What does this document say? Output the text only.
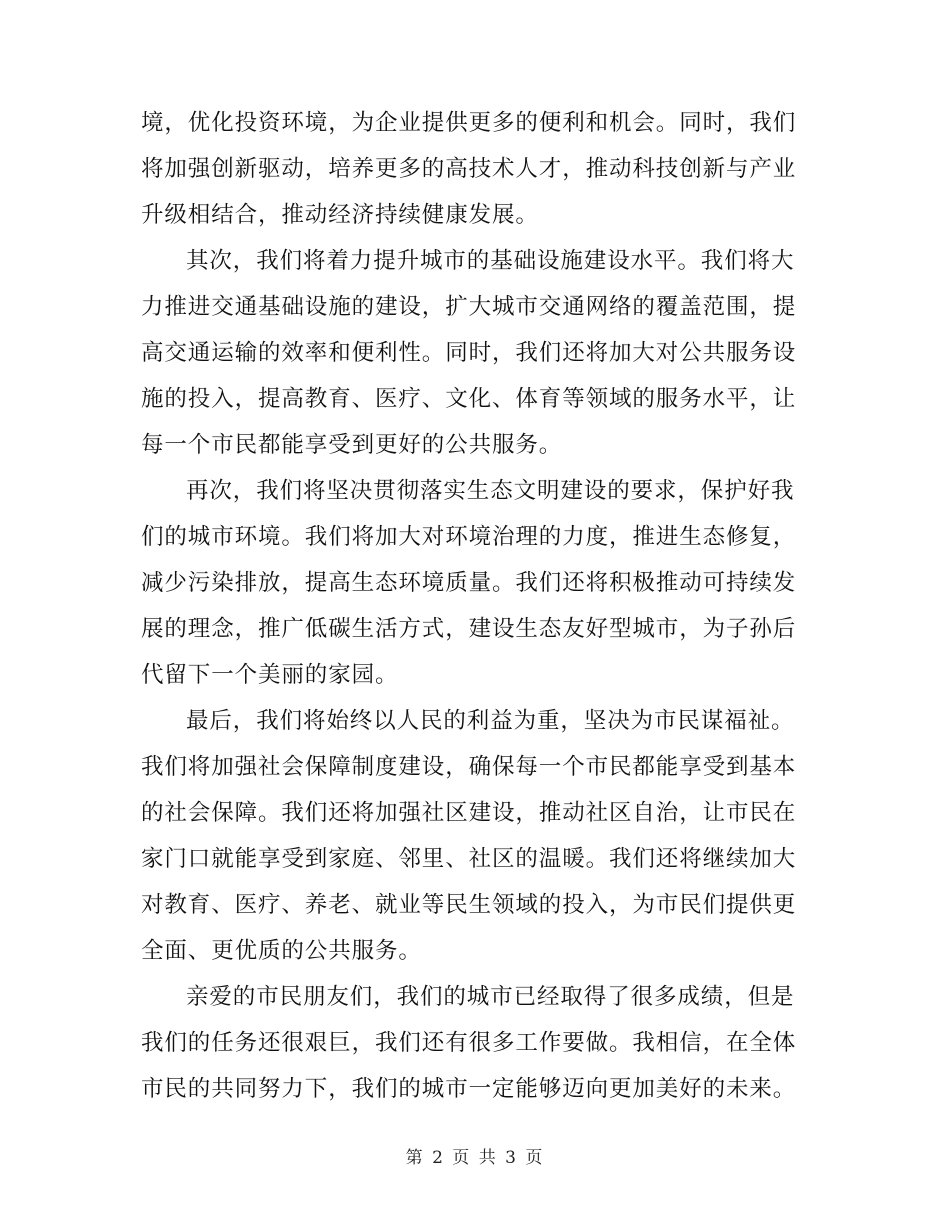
境，优化投资环境，为企业提供更多的便利和机会。同时，我们
将加强创新驱动，培养更多的高技术人才，推动科技创新与产业
升级相结合，推动经济持续健康发展。
其次，我们将着力提升城市的基础设施建设水平。我们将大
力推进交通基础设施的建设，扩大城市交通网络的覆盖范围，提
高交通运输的效率和便利性。同时，我们还将加大对公共服务设
施的投入，提高教育、医疗、文化、体育等领域的服务水平，让
每一个市民都能享受到更好的公共服务。
再次，我们将坚决贯彻落实生态文明建设的要求，保护好我
们的城市环境。我们将加大对环境治理的力度，推进生态修复，
减少污染排放，提高生态环境质量。我们还将积极推动可持续发
展的理念，推广低碳生活方式，建设生态友好型城市，为子孙后
代留下一个美丽的家园。
最后，我们将始终以人民的利益为重，坚决为市民谋福祉。
我们将加强社会保障制度建设，确保每一个市民都能享受到基本
的社会保障。我们还将加强社区建设，推动社区自治，让市民在
家门口就能享受到家庭、邻里、社区的温暖。我们还将继续加大
对教育、医疗、养老、就业等民生领域的投入，为市民们提供更
全面、更优质的公共服务。
亲爱的市民朋友们，我们的城市已经取得了很多成绩，但是
我们的任务还很艰巨，我们还有很多工作要做。我相信，在全体
市民的共同努力下，我们的城市一定能够迈向更加美好的未来。
第 2 页 共 3 页
